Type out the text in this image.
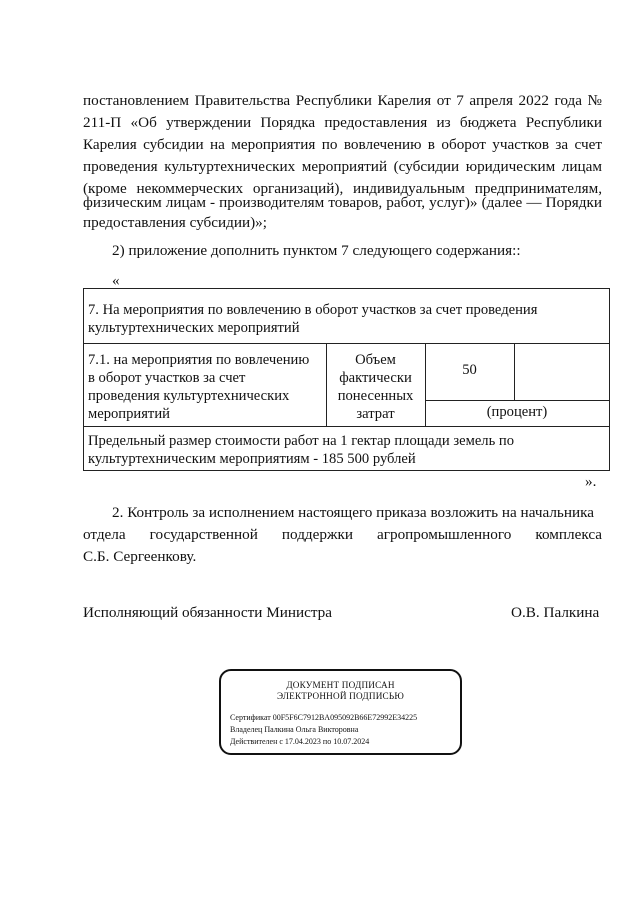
постановлением Правительства Республики Карелия от 7 апреля 2022 года №
211-П «Об утверждении Порядка предоставления из бюджета Республики
Карелия субсидии на мероприятия по вовлечению в оборот участков за счет
проведения культуртехнических мероприятий (субсидии юридическим лицам
(кроме некоммерческих организаций), индивидуальным предпринимателям,
физическим лицам - производителям товаров, работ, услуг)» (далее — Порядки
предоставления субсидии)»;
2) приложение дополнить пунктом 7 следующего содержания::
«
7. На мероприятия по вовлечению в оборот участков за счет проведения
культуртехнических мероприятий
7.1. на мероприятия по вовлечению
в оборот участков за счет
проведения культуртехнических
мероприятий
Объем
фактически
понесенных
затрат
50
(процент)
Предельный размер стоимости работ на 1 гектар площади земель по
культуртехническим мероприятиям - 185 500 рублей
».
2. Контроль за исполнением настоящего приказа возложить на начальника
отдела государственной поддержки агропромышленного комплекса
С.Б. Сергеенкову.
Исполняющий обязанности Министра	О.В. Палкина
ДОКУМЕНТ ПОДПИСАН
ЭЛЕКТРОННОЙ ПОДПИСЬЮ
Сертификат 00F5F6C7912BA095092B66E72992E34225
Владелец Палкина Ольга Викторовна
Действителен с 17.04.2023 по 10.07.2024
